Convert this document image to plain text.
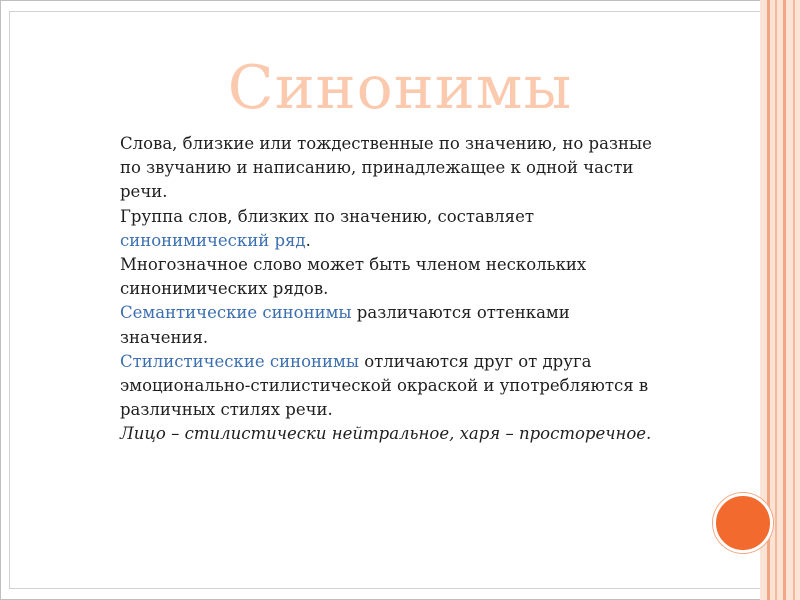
Синонимы

Слова, близкие или тождественные по значению, но разные по звучанию и написанию, принадлежащее к одной части речи.

Группа слов, близких по значению, составляет синонимический ряд.

Многозначное слово может быть членом нескольких синонимических рядов.

Семантические синонимы различаются оттенками значения.

Стилистические синонимы отличаются друг от друга эмоционально-стилистической окраской и употребляются в различных стилях речи.

Лицо – стилистически нейтральное, харя – просторечное.
